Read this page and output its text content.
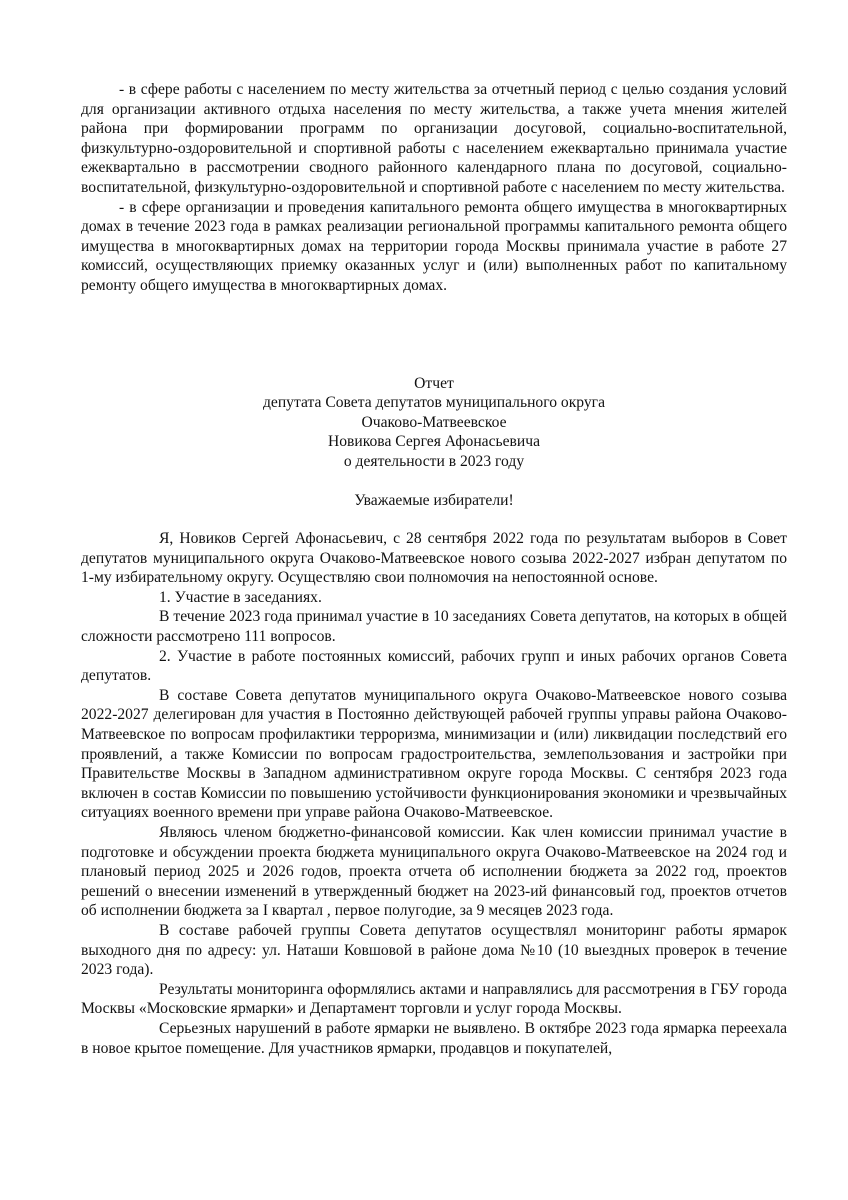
- в сфере работы с населением по месту жительства за отчетный период с целью создания условий для организации активного отдыха населения по месту жительства, а также учета мнения жителей района при формировании программ по организации досуговой, социально-воспитательной, физкультурно-оздоровительной и спортивной работы с населением ежеквартально принимала участие ежеквартально в рассмотрении сводного районного календарного плана по досуговой, социально-воспитательной, физкультурно-оздоровительной и спортивной работе с населением по месту жительства.

- в сфере организации и проведения капитального ремонта общего имущества в многоквартирных домах в течение 2023 года в рамках реализации региональной программы капитального ремонта общего имущества в многоквартирных домах на территории города Москвы принимала участие в работе 27 комиссий, осуществляющих приемку оказанных услуг и (или) выполненных работ по капитальному ремонту общего имущества в многоквартирных домах.

Отчет
депутата Совета депутатов муниципального округа
Очаково-Матвеевское
Новикова Сергея Афонасьевича
о деятельности в 2023 году

Уважаемые избиратели!

Я, Новиков Сергей Афонасьевич, с 28 сентября 2022 года по результатам выборов в Совет депутатов муниципального округа Очаково-Матвеевское нового созыва 2022-2027 избран депутатом по 1-му избирательному округу. Осуществляю свои полномочия на непостоянной основе.

1. Участие в заседаниях.

В течение 2023 года принимал участие в 10 заседаниях Совета депутатов, на которых в общей сложности рассмотрено 111 вопросов.

2. Участие в работе постоянных комиссий, рабочих групп и иных рабочих органов Совета депутатов.

В составе Совета депутатов муниципального округа Очаково-Матвеевское нового созыва 2022-2027 делегирован для участия в Постоянно действующей рабочей группы управы района Очаково-Матвеевское по вопросам профилактики терроризма, минимизации и (или) ликвидации последствий его проявлений, а также Комиссии по вопросам градостроительства, землепользования и застройки при Правительстве Москвы в Западном административном округе города Москвы. С сентября 2023 года включен в состав Комиссии по повышению устойчивости функционирования экономики и чрезвычайных ситуациях военного времени при управе района Очаково-Матвеевское.

Являюсь членом бюджетно-финансовой комиссии. Как член комиссии принимал участие в подготовке и обсуждении проекта бюджета муниципального округа Очаково-Матвеевское на 2024 год и плановый период 2025 и 2026 годов, проекта отчета об исполнении бюджета за 2022 год, проектов решений о внесении изменений в утвержденный бюджет на 2023-ий финансовый год, проектов отчетов об исполнении бюджета за I квартал , первое полугодие, за 9 месяцев 2023 года.

В составе рабочей группы Совета депутатов осуществлял мониторинг работы ярмарок выходного дня по адресу: ул. Наташи Ковшовой в районе дома №10 (10 выездных проверок в течение 2023 года).

Результаты мониторинга оформлялись актами и направлялись для рассмотрения в ГБУ города Москвы «Московские ярмарки» и Департамент торговли и услуг города Москвы.

Серьезных нарушений в работе ярмарки не выявлено. В октябре 2023 года ярмарка переехала в новое крытое помещение. Для участников ярмарки, продавцов и покупателей,
